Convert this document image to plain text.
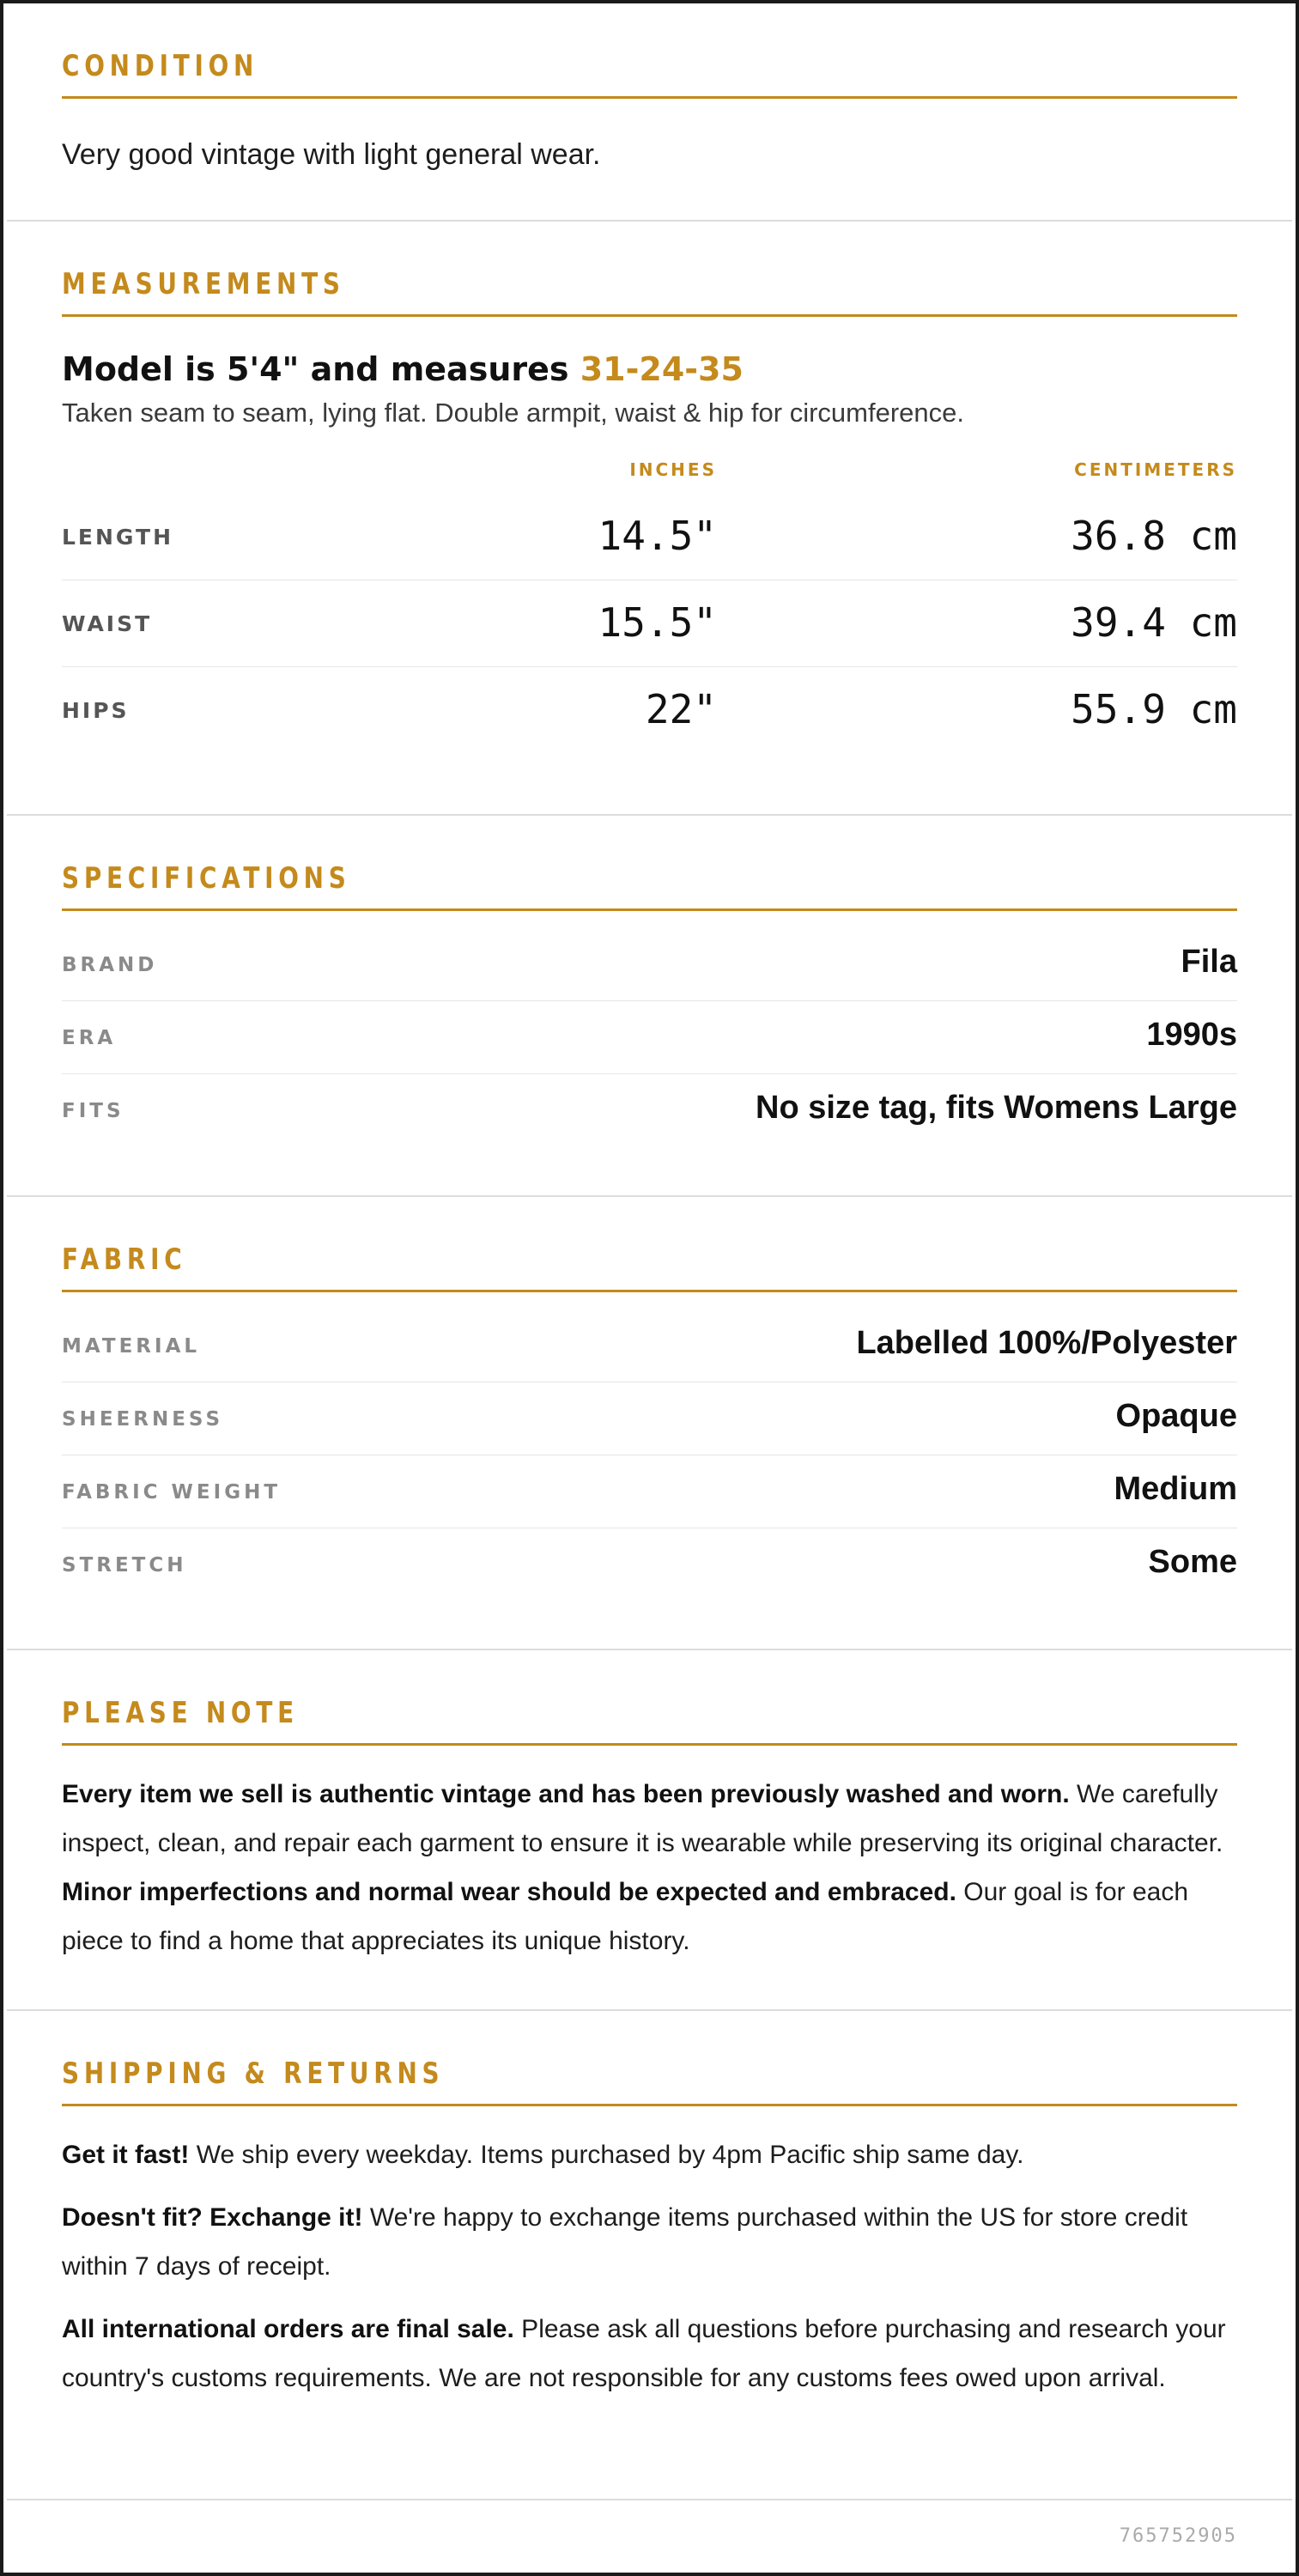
CONDITION
Very good vintage with light general wear.
MEASUREMENTS

Model is 5'4" and measures 31-24-35

Taken seam to seam, lying flat. Double armpit, waist & hip for circumference.

INCHES	CENTIMETERS
LENGTH	14.5"	36.8 cm
WAIST	15.5"	39.4 cm
HIPS	22"	55.9 cm
SPECIFICATIONS
BRAND	Fila
ERA	1990s
FITS	No size tag, fits Womens Large
FABRIC
MATERIAL	Labelled 100%/Polyester
SHEERNESS	Opaque
FABRIC WEIGHT	Medium
STRETCH	Some
PLEASE NOTE

Every item we sell is authentic vintage and has been previously washed and worn. We carefully inspect, clean, and repair each garment to ensure it is wearable while preserving its original character. Minor imperfections and normal wear should be expected and embraced. Our goal is for each piece to find a home that appreciates its unique history.

SHIPPING & RETURNS

Get it fast! We ship every weekday. Items purchased by 4pm Pacific ship same day.

Doesn't fit? Exchange it! We're happy to exchange items purchased within the US for store credit within 7 days of receipt.

All international orders are final sale. Please ask all questions before purchasing and research your country's customs requirements. We are not responsible for any customs fees owed upon arrival.

765752905
